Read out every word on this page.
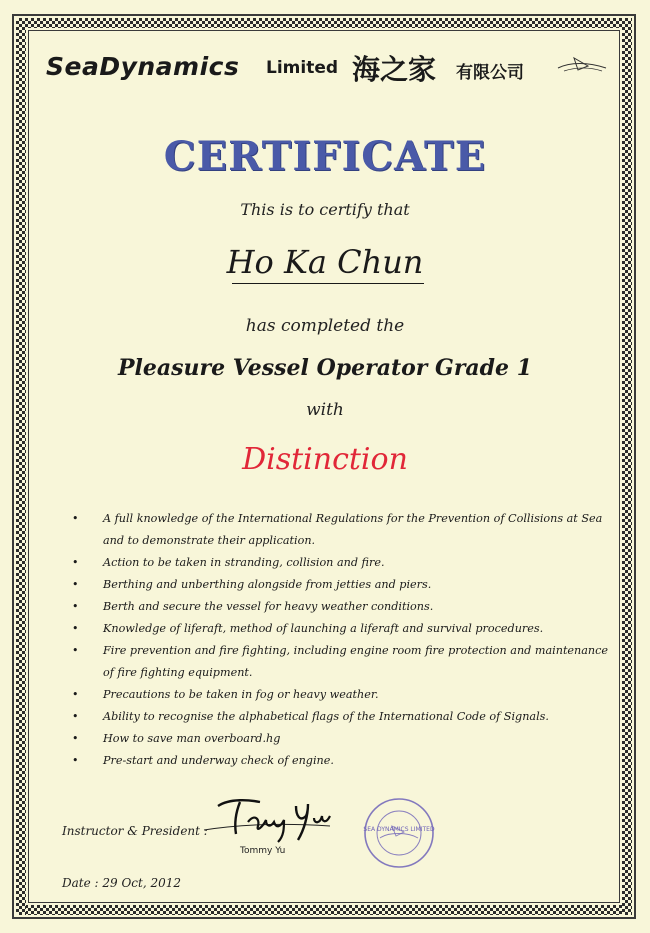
SeaDynamics Limited 海之家 有限公司
CERTIFICATE
This is to certify that
Ho Ka Chun
has completed the
Pleasure Vessel Operator Grade 1
with
Distinction
• A full knowledge of the International Regulations for the Prevention of Collisions at Sea
and to demonstrate their application.
• Action to be taken in stranding, collision and fire.
• Berthing and unberthing alongside from jetties and piers.
• Berth and secure the vessel for heavy weather conditions.
• Knowledge of liferaft, method of launching a liferaft and survival procedures.
• Fire prevention and fire fighting, including engine room fire protection and maintenance
of fire fighting equipment.
• Precautions to be taken in fog or heavy weather.
• Ability to recognise the alphabetical flags of the International Code of Signals.
• How to save man overboard.hg
• Pre-start and underway check of engine.
Instructor & President :
Tommy Yu
SEA DYNAMICS LIMITED
Date : 29 Oct, 2012
